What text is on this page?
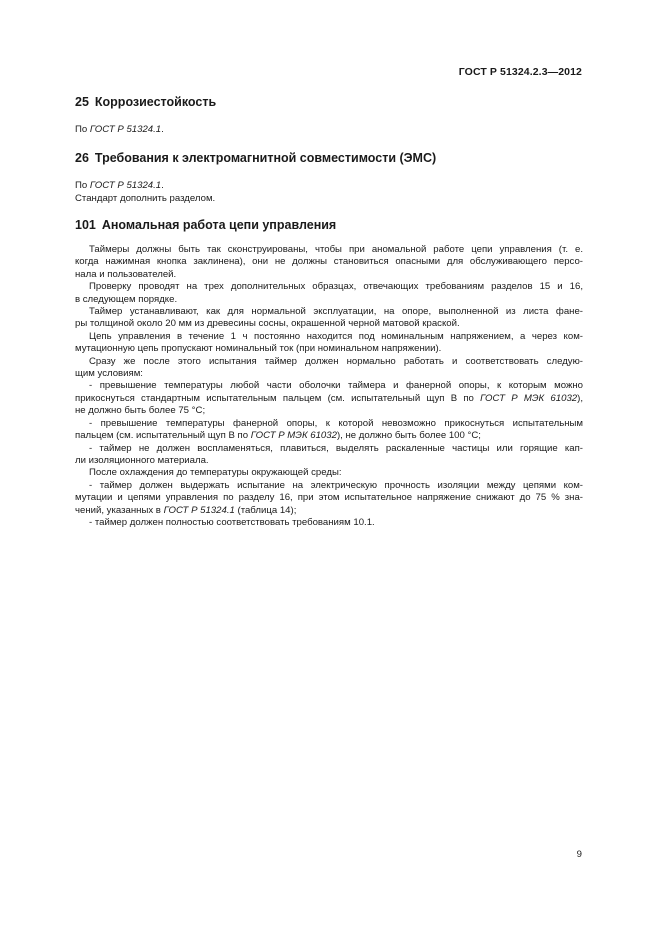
ГОСТ Р 51324.2.3—2012
25 Коррозиестойкость
По ГОСТ Р 51324.1.
26 Требования к электромагнитной совместимости (ЭМС)
По ГОСТ Р 51324.1.
Стандарт дополнить разделом.
101 Аномальная работа цепи управления
Таймеры должны быть так сконструированы, чтобы при аномальной работе цепи управления (т. е.
когда нажимная кнопка заклинена), они не должны становиться опасными для обслуживающего персо-
нала и пользователей.
Проверку проводят на трех дополнительных образцах, отвечающих требованиям разделов 15 и 16,
в следующем порядке.
Таймер устанавливают, как для нормальной эксплуатации, на опоре, выполненной из листа фане-
ры толщиной около 20 мм из древесины сосны, окрашенной черной матовой краской.
Цепь управления в течение 1 ч постоянно находится под номинальным напряжением, а через ком-
мутационную цепь пропускают номинальный ток (при номинальном напряжении).
Сразу же после этого испытания таймер должен нормально работать и соответствовать следую-
щим условиям:
- превышение температуры любой части оболочки таймера и фанерной опоры, к которым можно
прикоснуться стандартным испытательным пальцем (см. испытательный щуп В по ГОСТ Р МЭК 61032),
не должно быть более 75 °С;
- превышение температуры фанерной опоры, к которой невозможно прикоснуться испытательным
пальцем (см. испытательный щуп В по ГОСТ Р МЭК 61032), не должно быть более 100 °С;
- таймер не должен воспламеняться, плавиться, выделять раскаленные частицы или горящие кап-
ли изоляционного материала.
После охлаждения до температуры окружающей среды:
- таймер должен выдержать испытание на электрическую прочность изоляции между цепями ком-
мутации и цепями управления по разделу 16, при этом испытательное напряжение снижают до 75 % зна-
чений, указанных в ГОСТ Р 51324.1 (таблица 14);
- таймер должен полностью соответствовать требованиям 10.1.
9
